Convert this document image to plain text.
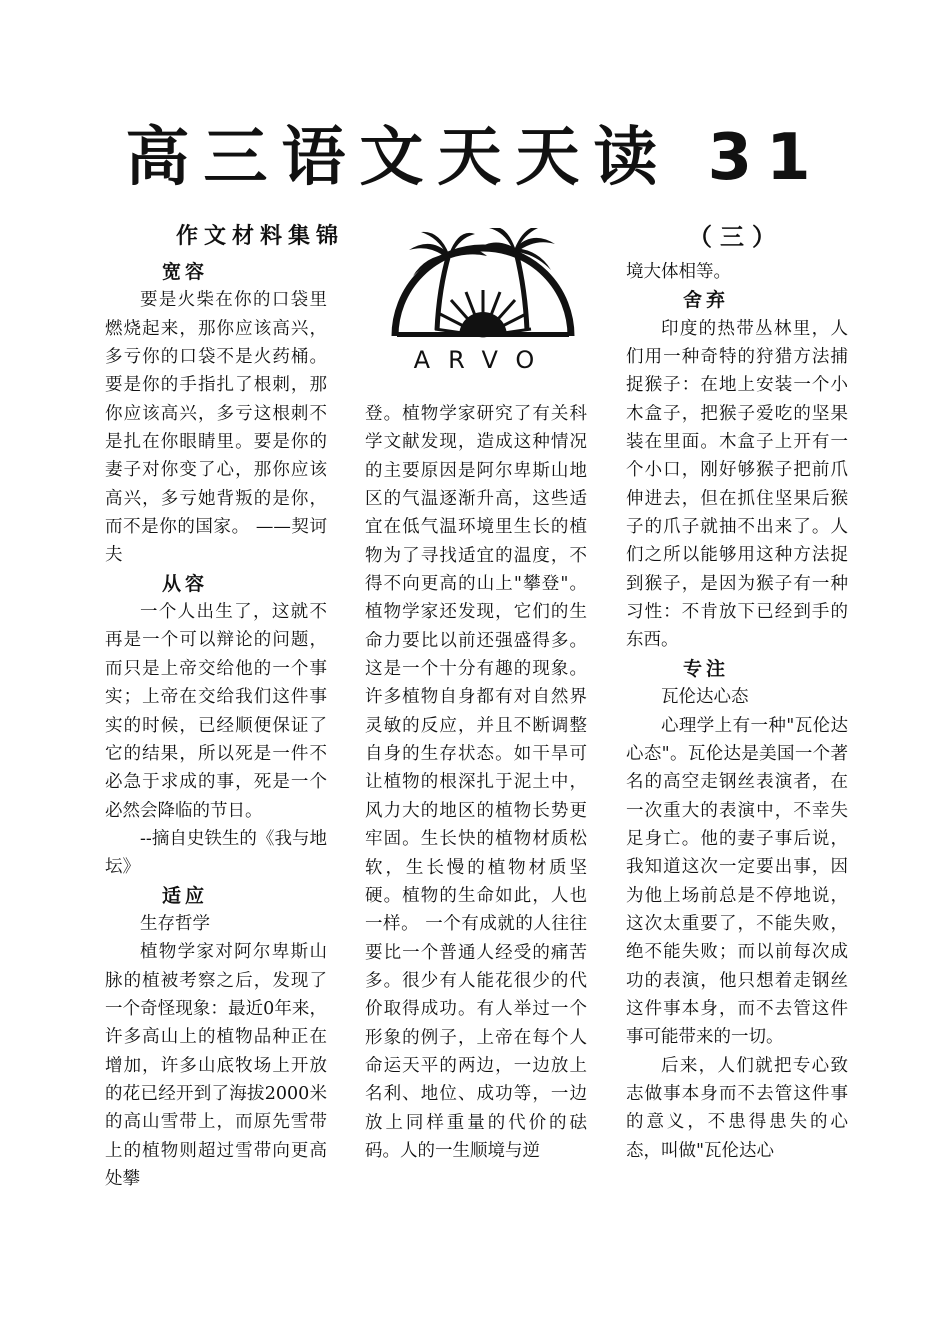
高三语文天天读 31
作文材料集锦	（三）
ARVO
宽容

要是火柴在你的口袋里燃烧起来，那你应该高兴，多亏你的口袋不是火药桶。要是你的手指扎了根刺，那你应该高兴，多亏这根刺不是扎在你眼睛里。要是你的妻子对你变了心，那你应该高兴，多亏她背叛的是你，而不是你的国家。 ——契诃夫

从容

一个人出生了，这就不再是一个可以辩论的问题，而只是上帝交给他的一个事实；上帝在交给我们这件事实的时候，已经顺便保证了它的结果，所以死是一件不必急于求成的事，死是一个必然会降临的节日。

--摘自史铁生的《我与地坛》

适应

生存哲学

植物学家对阿尔卑斯山脉的植被考察之后，发现了一个奇怪现象：最近0年来，许多高山上的植物品种正在增加，许多山底牧场上开放的花已经开到了海拔2000米的高山雪带上，而原先雪带上的植物则超过雪带向更高处攀

登。植物学家研究了有关科学文献发现，造成这种情况的主要原因是阿尔卑斯山地区的气温逐渐升高，这些适宜在低气温环境里生长的植物为了寻找适宜的温度，不得不向更高的山上"攀登"。植物学家还发现，它们的生命力要比以前还强盛得多。 这是一个十分有趣的现象。许多植物自身都有对自然界灵敏的反应，并且不断调整自身的生存状态。如干旱可让植物的根深扎于泥土中，风力大的地区的植物长势更牢固。生长快的植物材质松软，生长慢的植物材质坚硬。植物的生命如此，人也一样。 一个有成就的人往往要比一个普通人经受的痛苦多。很少有人能花很少的代价取得成功。有人举过一个形象的例子，上帝在每个人命运天平的两边，一边放上名利、地位、成功等，一边放上同样重量的代价的砝码。人的一生顺境与逆

境大体相等。

舍弃

印度的热带丛林里，人们用一种奇特的狩猎方法捕捉猴子：在地上安装一个小木盒子，把猴子爱吃的坚果装在里面。木盒子上开有一个小口，刚好够猴子把前爪伸进去，但在抓住坚果后猴子的爪子就抽不出来了。人们之所以能够用这种方法捉到猴子，是因为猴子有一种习性：不肯放下已经到手的东西。

专注

瓦伦达心态

心理学上有一种"瓦伦达心态"。瓦伦达是美国一个著名的高空走钢丝表演者，在一次重大的表演中，不幸失足身亡。他的妻子事后说，我知道这次一定要出事，因为他上场前总是不停地说，这次太重要了，不能失败，绝不能失败；而以前每次成功的表演，他只想着走钢丝这件事本身，而不去管这件事可能带来的一切。

后来，人们就把专心致志做事本身而不去管这件事的意义，不患得患失的心态，叫做"瓦伦达心
